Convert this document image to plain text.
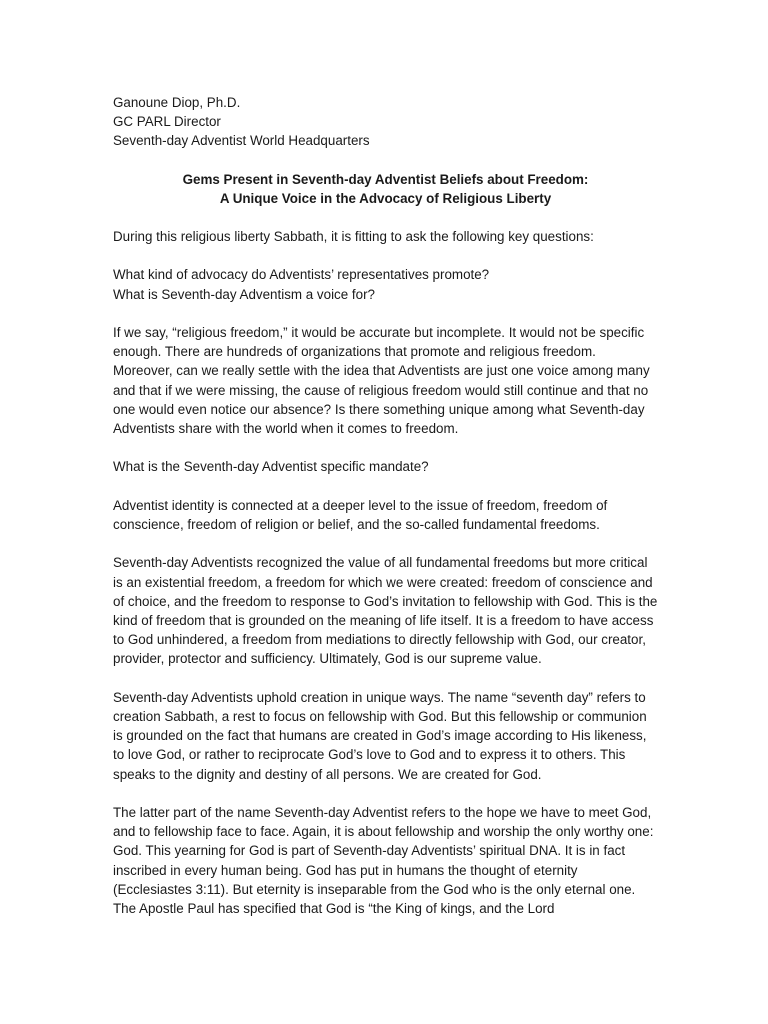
Ganoune Diop, Ph.D.
GC PARL Director
Seventh-day Adventist World Headquarters
Gems Present in Seventh-day Adventist Beliefs about Freedom:
A Unique Voice in the Advocacy of Religious Liberty

During this religious liberty Sabbath, it is fitting to ask the following key questions:

What kind of advocacy do Adventists’ representatives promote?

What is Seventh-day Adventism a voice for?

If we say, “religious freedom,” it would be accurate but incomplete. It would not be specific enough. There are hundreds of organizations that promote and religious freedom. Moreover, can we really settle with the idea that Adventists are just one voice among many and that if we were missing, the cause of religious freedom would still continue and that no one would even notice our absence? Is there something unique among what Seventh-day Adventists share with the world when it comes to freedom.

What is the Seventh-day Adventist specific mandate?

Adventist identity is connected at a deeper level to the issue of freedom, freedom of conscience, freedom of religion or belief, and the so-called fundamental freedoms.

Seventh-day Adventists recognized the value of all fundamental freedoms but more critical is an existential freedom, a freedom for which we were created: freedom of conscience and of choice, and the freedom to response to God’s invitation to fellowship with God. This is the kind of freedom that is grounded on the meaning of life itself. It is a freedom to have access to God unhindered, a freedom from mediations to directly fellowship with God, our creator, provider, protector and sufficiency. Ultimately, God is our supreme value.

Seventh-day Adventists uphold creation in unique ways. The name “seventh day” refers to creation Sabbath, a rest to focus on fellowship with God. But this fellowship or communion is grounded on the fact that humans are created in God’s image according to His likeness, to love God, or rather to reciprocate God’s love to God and to express it to others. This speaks to the dignity and destiny of all persons. We are created for God.

The latter part of the name Seventh-day Adventist refers to the hope we have to meet God, and to fellowship face to face. Again, it is about fellowship and worship the only worthy one: God. This yearning for God is part of Seventh-day Adventists’ spiritual DNA. It is in fact inscribed in every human being. God has put in humans the thought of eternity (Ecclesiastes 3:11). But eternity is inseparable from the God who is the only eternal one. The Apostle Paul has specified that God is “the King of kings, and the Lord
